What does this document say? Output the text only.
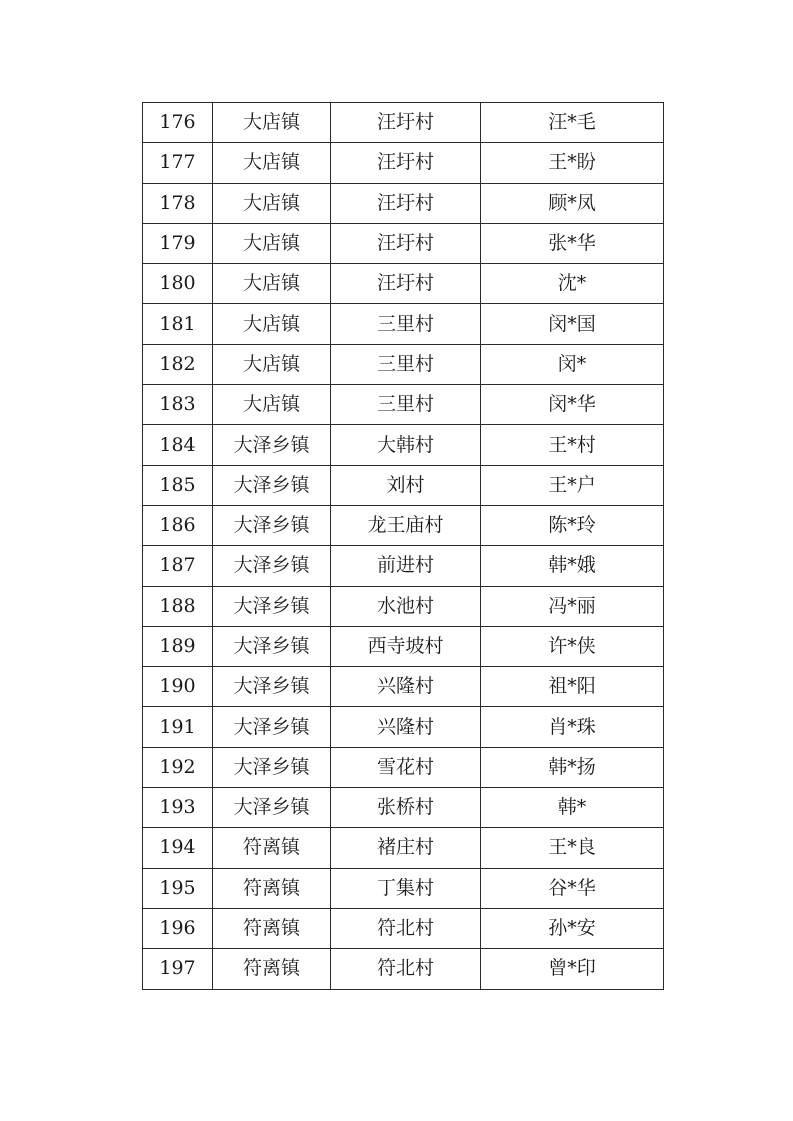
176	大店镇	汪圩村	汪*毛
177	大店镇	汪圩村	王*盼
178	大店镇	汪圩村	顾*凤
179	大店镇	汪圩村	张*华
180	大店镇	汪圩村	沈*
181	大店镇	三里村	闵*国
182	大店镇	三里村	闵*
183	大店镇	三里村	闵*华
184	大泽乡镇	大韩村	王*村
185	大泽乡镇	刘村	王*户
186	大泽乡镇	龙王庙村	陈*玲
187	大泽乡镇	前进村	韩*娥
188	大泽乡镇	水池村	冯*丽
189	大泽乡镇	西寺坡村	许*侠
190	大泽乡镇	兴隆村	祖*阳
191	大泽乡镇	兴隆村	肖*珠
192	大泽乡镇	雪花村	韩*扬
193	大泽乡镇	张桥村	韩*
194	符离镇	褚庄村	王*良
195	符离镇	丁集村	谷*华
196	符离镇	符北村	孙*安
197	符离镇	符北村	曾*印
